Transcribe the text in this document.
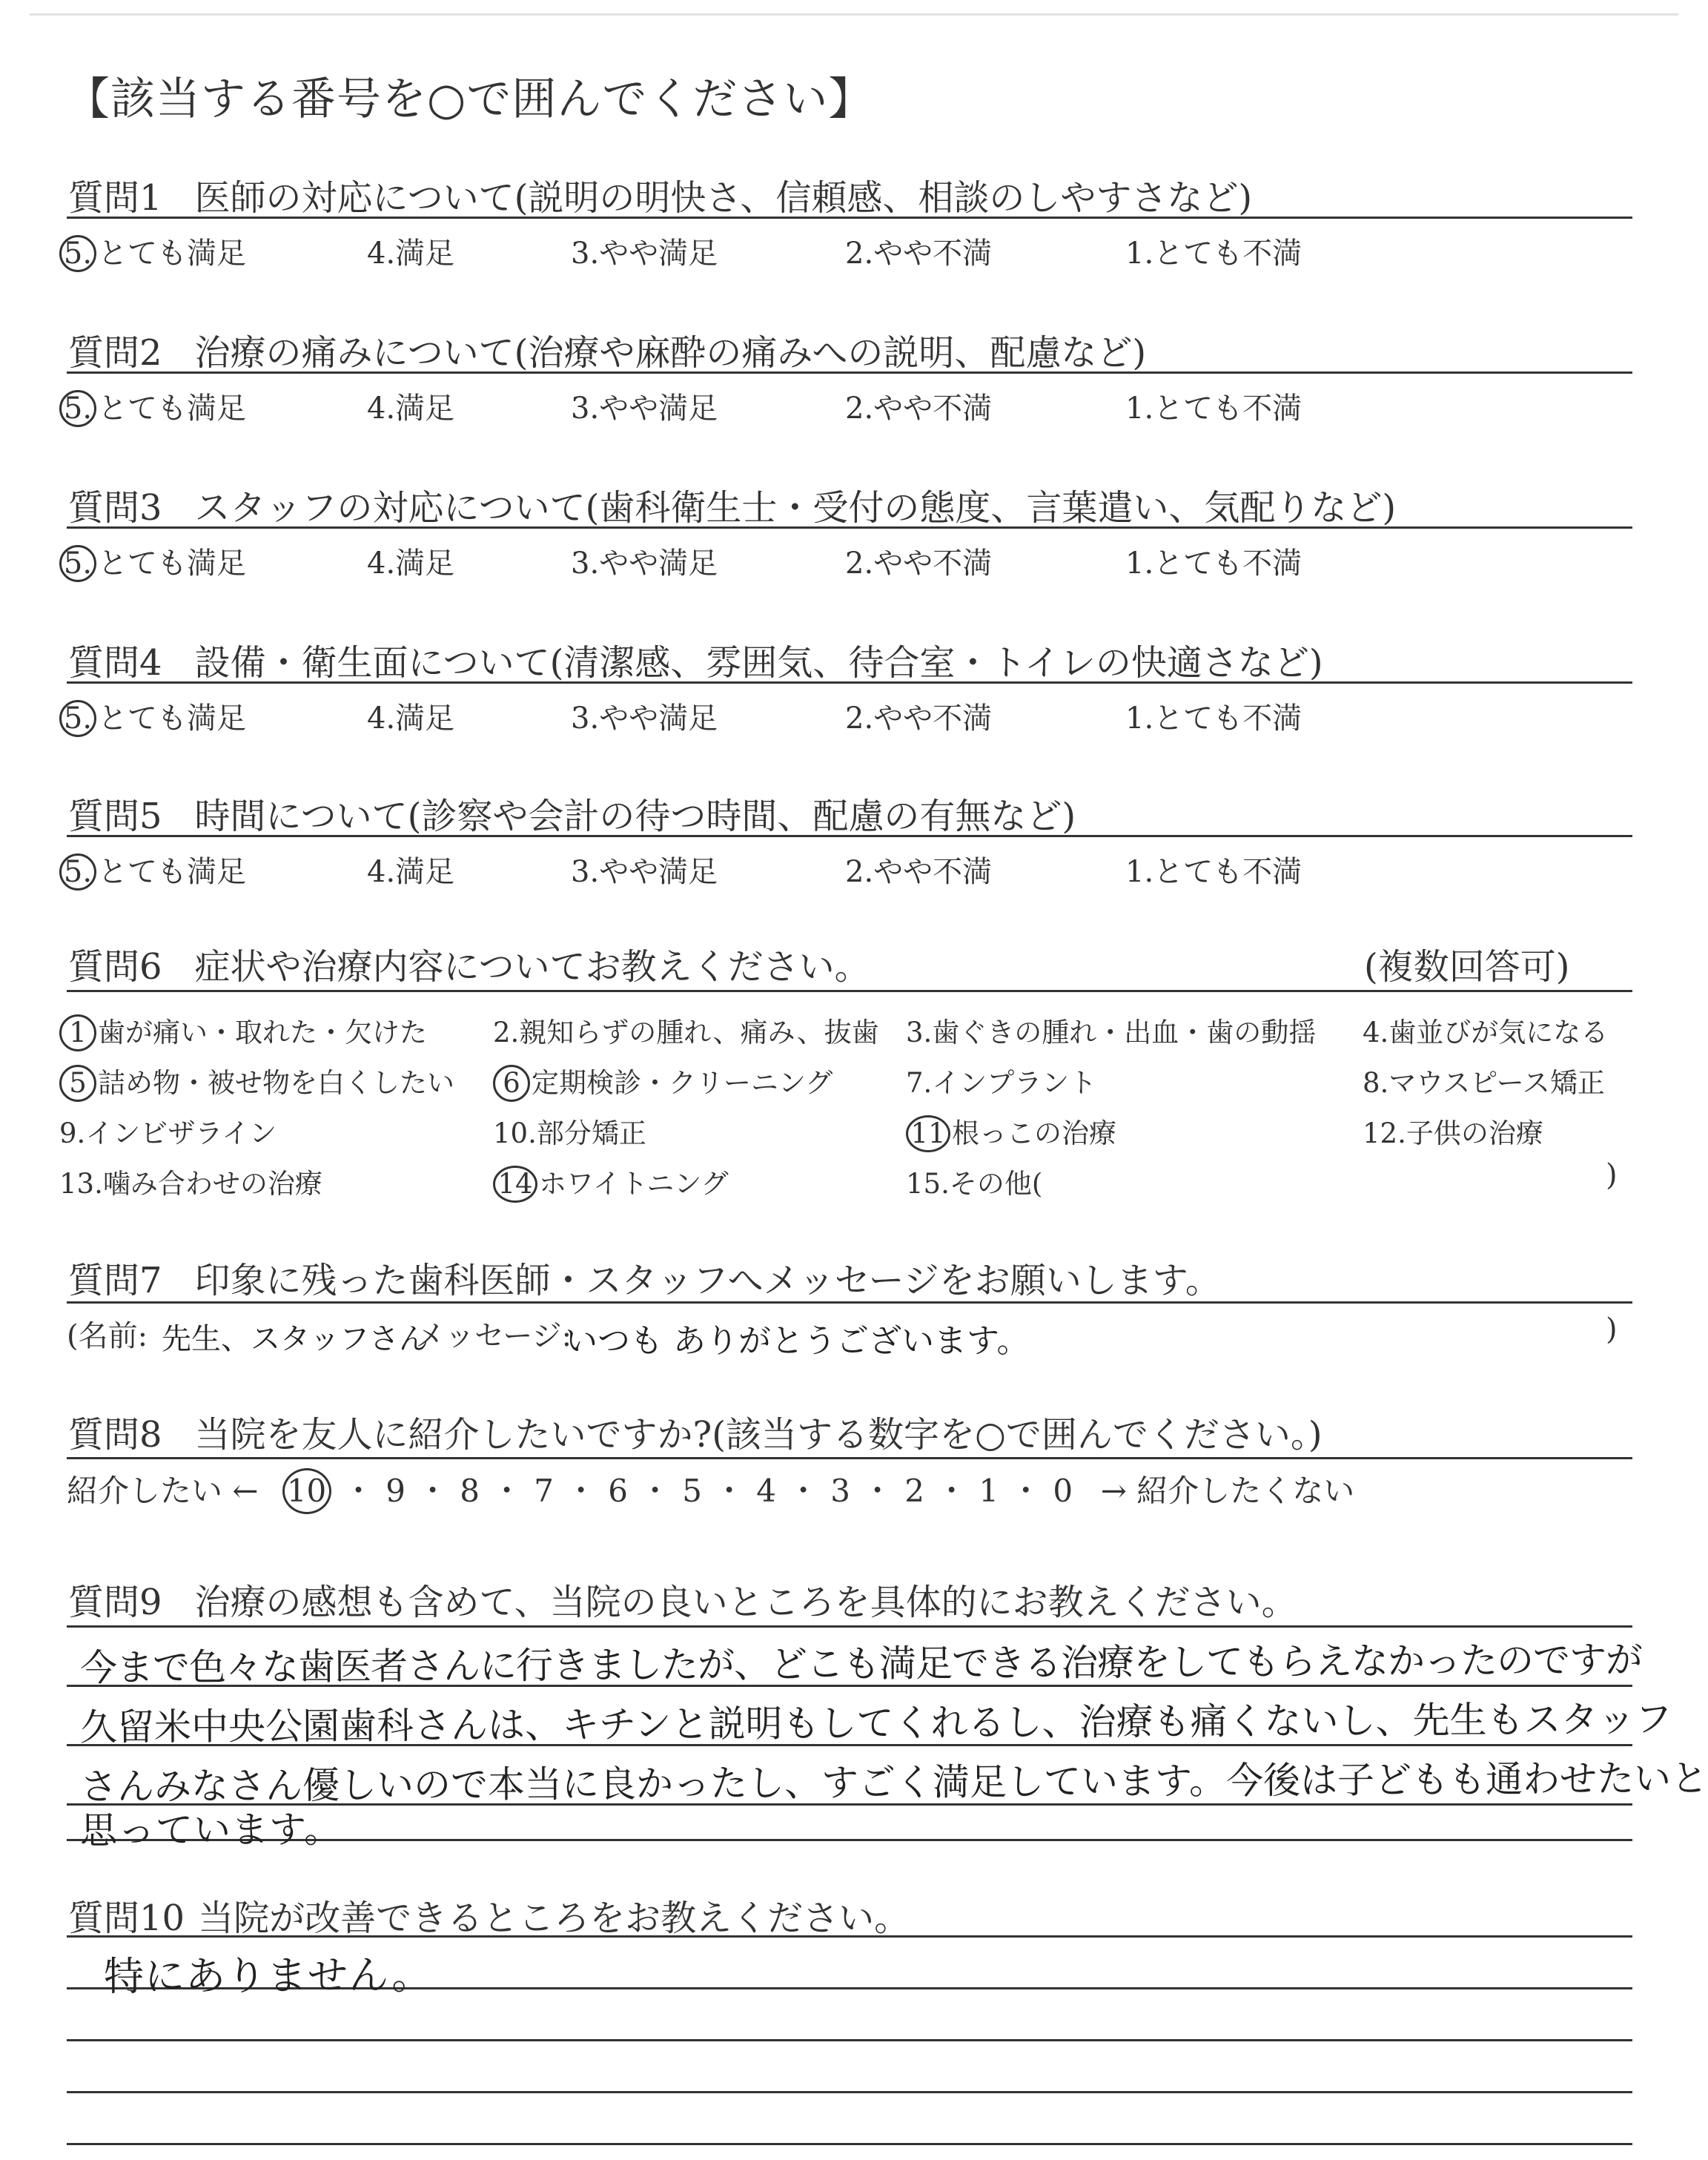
【該当する番号を○で囲んでください】
質問1 医師の対応について(説明の明快さ、信頼感、相談のしやすさなど)
5. とても満足	4.満足	3.やや満足	2.やや不満	1.とても不満
質問2 治療の痛みについて(治療や麻酔の痛みへの説明、配慮など)
5. とても満足	4.満足	3.やや満足	2.やや不満	1.とても不満
質問3 スタッフの対応について(歯科衛生士・受付の態度、言葉遣い、気配りなど)
5. とても満足	4.満足	3.やや満足	2.やや不満	1.とても不満
質問4 設備・衛生面について(清潔感、雰囲気、待合室・トイレの快適さなど)
5. とても満足	4.満足	3.やや満足	2.やや不満	1.とても不満
質問5 時間について(診察や会計の待つ時間、配慮の有無など)
5. とても満足	4.満足	3.やや満足	2.やや不満	1.とても不満
質問6 症状や治療内容についてお教えください。	(複数回答可)
1 歯が痛い・取れた・欠けた 2.親知らずの腫れ、痛み、抜歯 3.歯ぐきの腫れ・出血・歯の動揺 4.歯並びが気になる
5 詰め物・被せ物を白くしたい	6 定期検診・クリーニング	7.インプラント	8.マウスピース矯正
9.インビザライン	10.部分矯正	11 根っこの治療	12.子供の治療
13.噛み合わせの治療	14 ホワイトニング	15.その他(	)
質問7 印象に残った歯科医師・スタッフへメッセージをお願いします。
(名前: 先生、スタッフさん
メッセージ:
いつも ありがとうございます。	)
質問8 当院を友人に紹介したいですか?(該当する数字を○で囲んでください。)
紹介したい ← 10 ・ 9 ・ 8 ・ 7 ・ 6 ・ 5 ・ 4 ・ 3 ・ 2 ・ 1 ・ 0 → 紹介したくない
質問9 治療の感想も含めて、当院の良いところを具体的にお教えください。
今まで色々な歯医者さんに行きましたが、どこも満足できる治療をしてもらえなかったのですが
久留米中央公園歯科さんは、キチンと説明もしてくれるし、治療も痛くないし、先生もスタッフ
さんみなさん優しいので本当に良かったし、すごく満足しています。今後は子どもも通わせたいと
思っています。
質問10 当院が改善できるところをお教えください。
特にありません。
